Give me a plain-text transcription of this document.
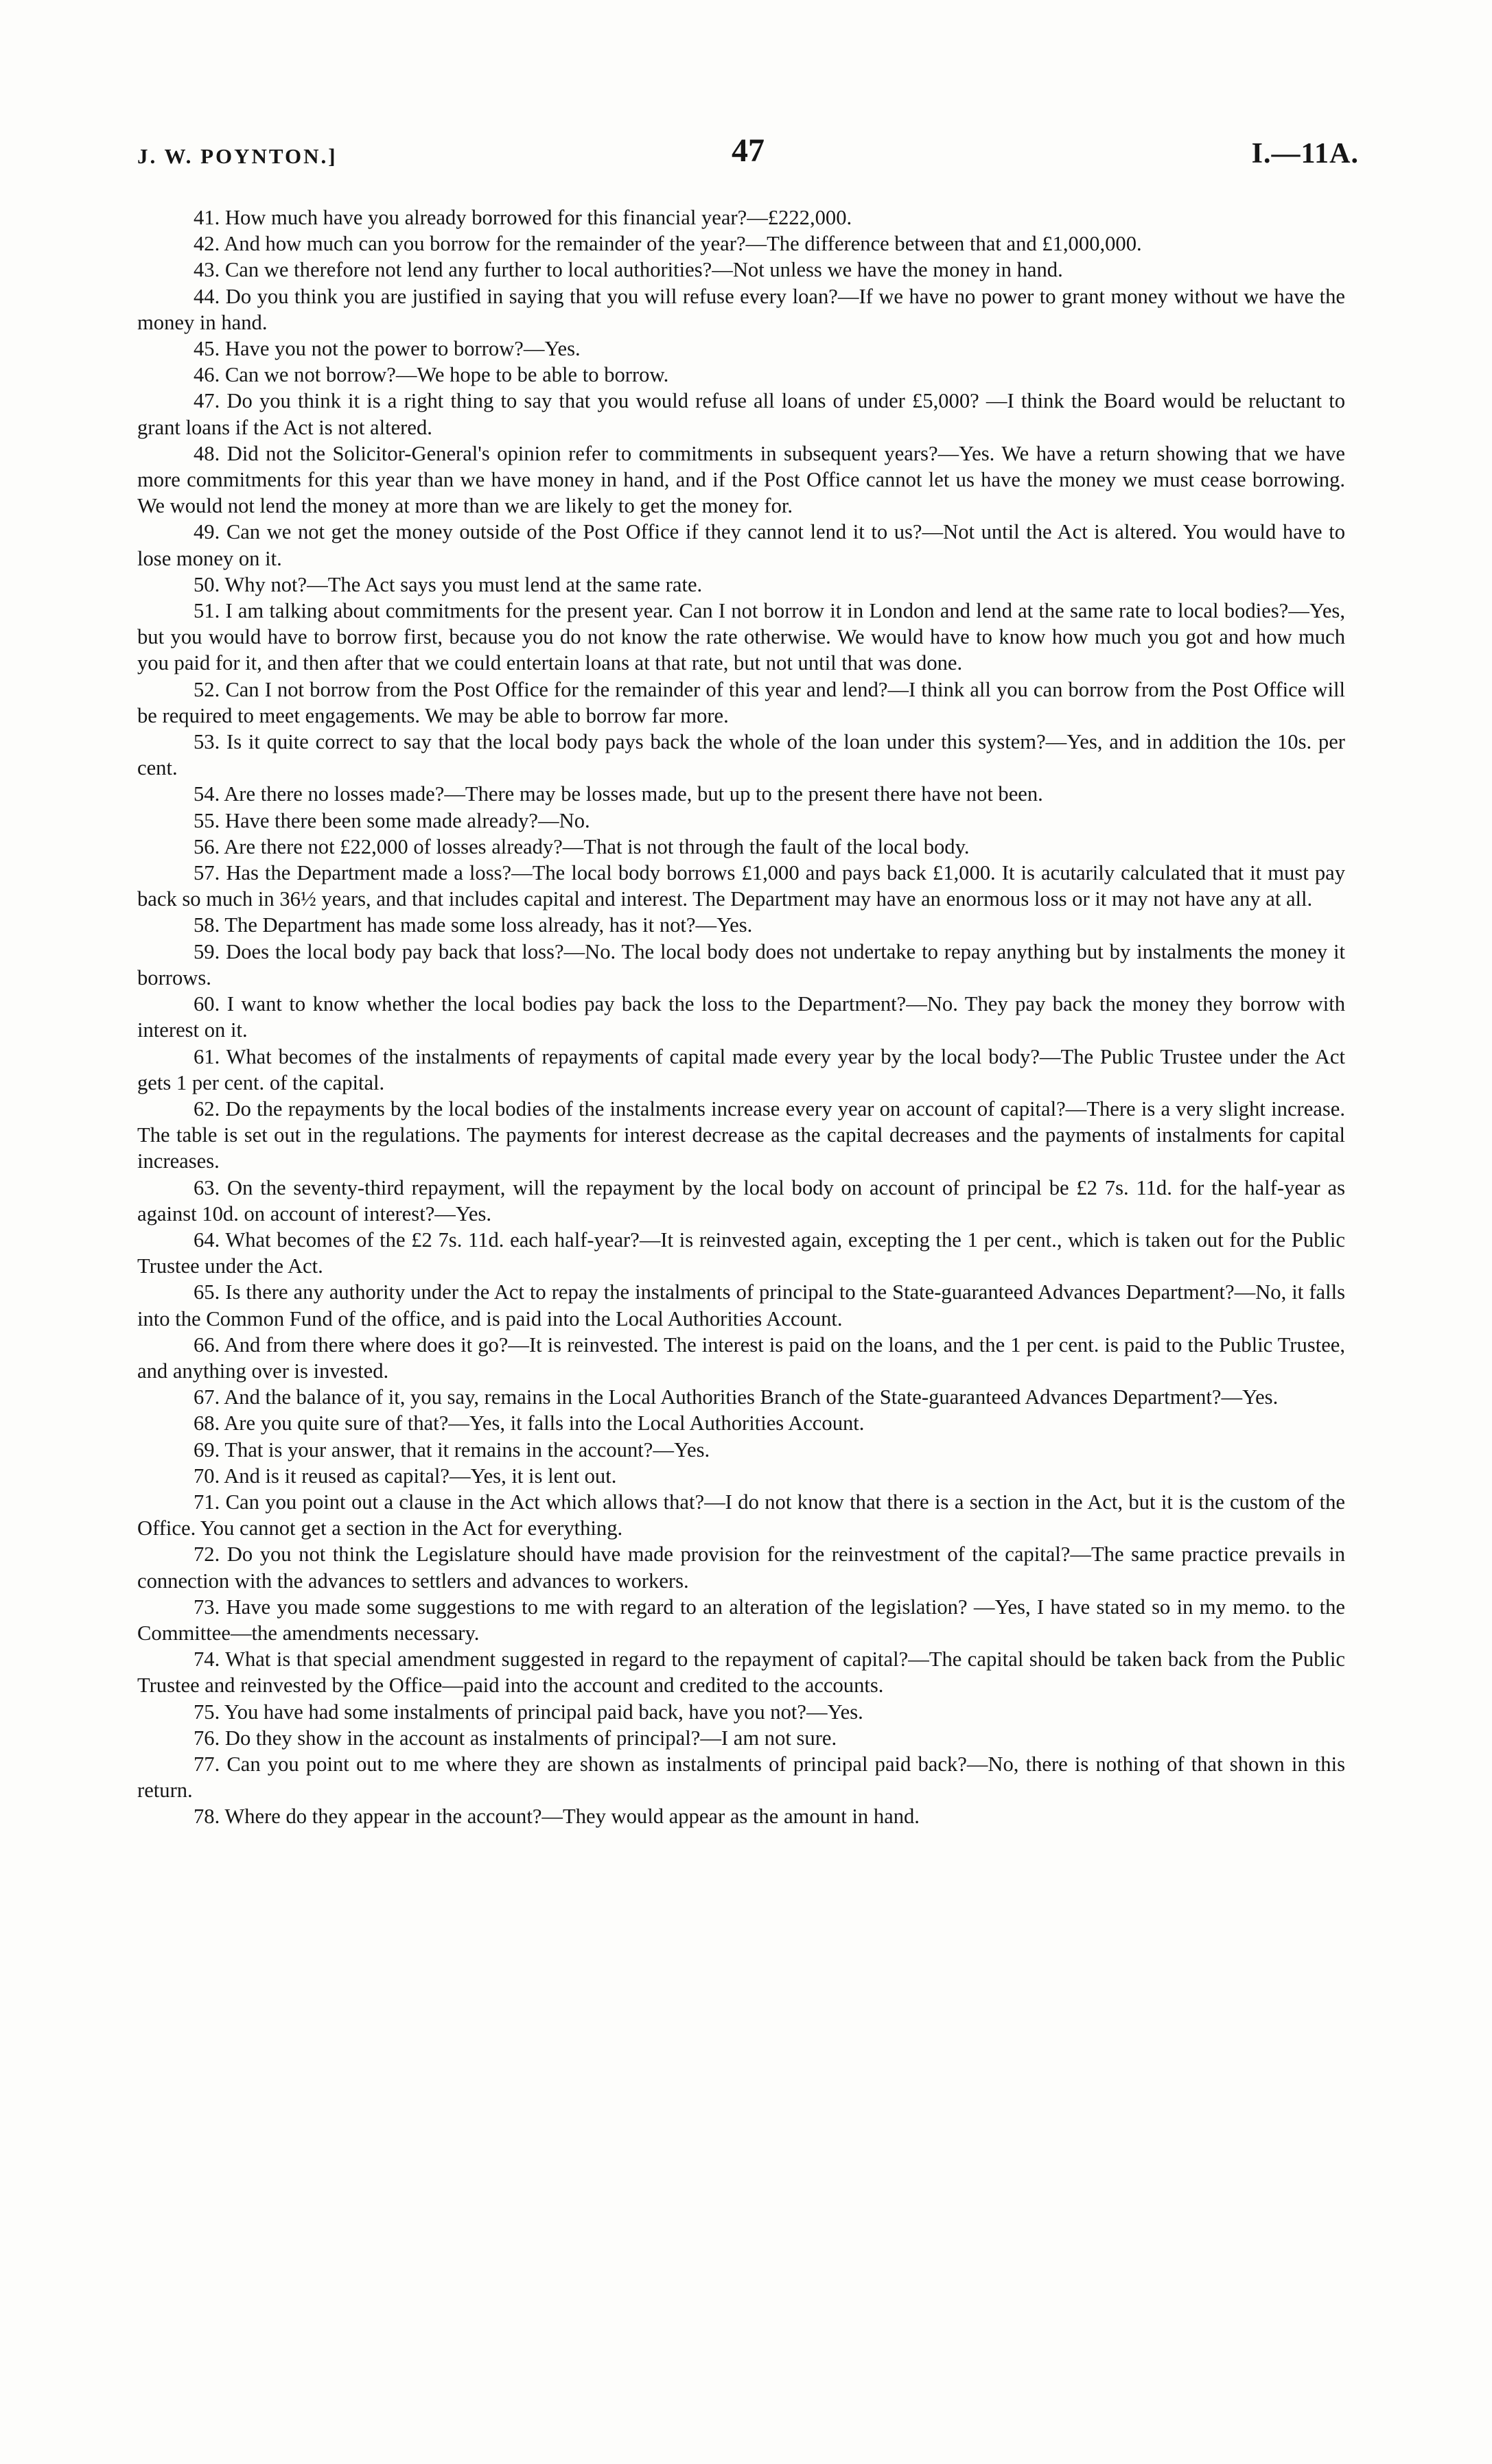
J. W. POYNTON.]	47	I.—11A.

41. How much have you already borrowed for this financial year?—£222,000.

42. And how much can you borrow for the remainder of the year?—The difference between that and £1,000,000.

43. Can we therefore not lend any further to local authorities?—Not unless we have the money in hand.

44. Do you think you are justified in saying that you will refuse every loan?—If we have no power to grant money without we have the money in hand.

45. Have you not the power to borrow?—Yes.

46. Can we not borrow?—We hope to be able to borrow.

47. Do you think it is a right thing to say that you would refuse all loans of under £5,000? —I think the Board would be reluctant to grant loans if the Act is not altered.

48. Did not the Solicitor-General's opinion refer to commitments in subsequent years?—Yes. We have a return showing that we have more commitments for this year than we have money in hand, and if the Post Office cannot let us have the money we must cease borrowing. We would not lend the money at more than we are likely to get the money for.

49. Can we not get the money outside of the Post Office if they cannot lend it to us?—Not until the Act is altered. You would have to lose money on it.

50. Why not?—The Act says you must lend at the same rate.

51. I am talking about commitments for the present year. Can I not borrow it in London and lend at the same rate to local bodies?—Yes, but you would have to borrow first, because you do not know the rate otherwise. We would have to know how much you got and how much you paid for it, and then after that we could entertain loans at that rate, but not until that was done.

52. Can I not borrow from the Post Office for the remainder of this year and lend?—I think all you can borrow from the Post Office will be required to meet engagements. We may be able to borrow far more.

53. Is it quite correct to say that the local body pays back the whole of the loan under this system?—Yes, and in addition the 10s. per cent.

54. Are there no losses made?—There may be losses made, but up to the present there have not been.

55. Have there been some made already?—No.

56. Are there not £22,000 of losses already?—That is not through the fault of the local body.

57. Has the Department made a loss?—The local body borrows £1,000 and pays back £1,000. It is acutarily calculated that it must pay back so much in 36½ years, and that includes capital and interest. The Department may have an enormous loss or it may not have any at all.

58. The Department has made some loss already, has it not?—Yes.

59. Does the local body pay back that loss?—No. The local body does not undertake to repay anything but by instalments the money it borrows.

60. I want to know whether the local bodies pay back the loss to the Department?—No. They pay back the money they borrow with interest on it.

61. What becomes of the instalments of repayments of capital made every year by the local body?—The Public Trustee under the Act gets 1 per cent. of the capital.

62. Do the repayments by the local bodies of the instalments increase every year on account of capital?—There is a very slight increase. The table is set out in the regulations. The payments for interest decrease as the capital decreases and the payments of instalments for capital increases.

63. On the seventy-third repayment, will the repayment by the local body on account of principal be £2 7s. 11d. for the half-year as against 10d. on account of interest?—Yes.

64. What becomes of the £2 7s. 11d. each half-year?—It is reinvested again, excepting the 1 per cent., which is taken out for the Public Trustee under the Act.

65. Is there any authority under the Act to repay the instalments of principal to the State-guaranteed Advances Department?—No, it falls into the Common Fund of the office, and is paid into the Local Authorities Account.

66. And from there where does it go?—It is reinvested. The interest is paid on the loans, and the 1 per cent. is paid to the Public Trustee, and anything over is invested.

67. And the balance of it, you say, remains in the Local Authorities Branch of the State-guaranteed Advances Department?—Yes.

68. Are you quite sure of that?—Yes, it falls into the Local Authorities Account.

69. That is your answer, that it remains in the account?—Yes.

70. And is it reused as capital?—Yes, it is lent out.

71. Can you point out a clause in the Act which allows that?—I do not know that there is a section in the Act, but it is the custom of the Office. You cannot get a section in the Act for everything.

72. Do you not think the Legislature should have made provision for the reinvestment of the capital?—The same practice prevails in connection with the advances to settlers and advances to workers.

73. Have you made some suggestions to me with regard to an alteration of the legislation? —Yes, I have stated so in my memo. to the Committee—the amendments necessary.

74. What is that special amendment suggested in regard to the repayment of capital?—The capital should be taken back from the Public Trustee and reinvested by the Office—paid into the account and credited to the accounts.

75. You have had some instalments of principal paid back, have you not?—Yes.

76. Do they show in the account as instalments of principal?—I am not sure.

77. Can you point out to me where they are shown as instalments of principal paid back?—No, there is nothing of that shown in this return.

78. Where do they appear in the account?—They would appear as the amount in hand.
